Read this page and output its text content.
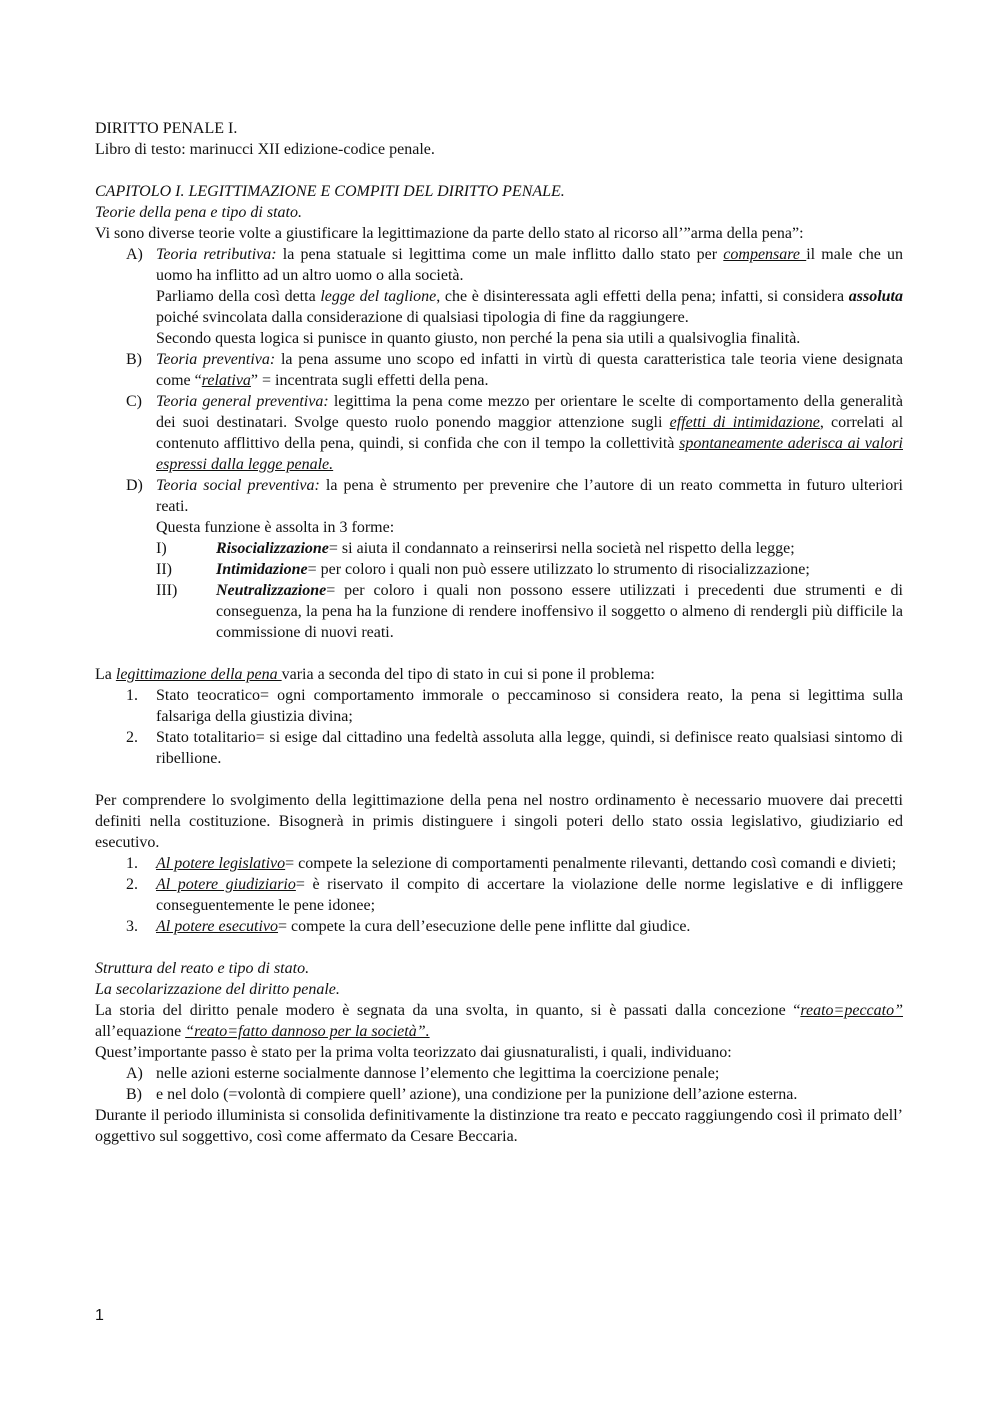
DIRITTO PENALE I.

Libro di testo: marinucci XII edizione-codice penale.

CAPITOLO I. LEGITTIMAZIONE E COMPITI DEL DIRITTO PENALE.

Teorie della pena e tipo di stato.

Vi sono diverse teorie volte a giustificare la legittimazione da parte dello stato al ricorso all’”arma della pena”:

A) Teoria retributiva: la pena statuale si legittima come un male inflitto dallo stato per compensare il male che un uomo ha inflitto ad un altro uomo o alla società.
Parliamo della così detta legge del taglione, che è disinteressata agli effetti della pena; infatti, si considera assoluta poiché svincolata dalla considerazione di qualsiasi tipologia di fine da raggiungere.
Secondo questa logica si punisce in quanto giusto, non perché la pena sia utili a qualsivoglia finalità.
B) Teoria preventiva: la pena assume uno scopo ed infatti in virtù di questa caratteristica tale teoria viene designata come “relativa” = incentrata sugli effetti della pena.
C) Teoria general preventiva: legittima la pena come mezzo per orientare le scelte di comportamento della generalità dei suoi destinatari. Svolge questo ruolo ponendo maggior attenzione sugli effetti di intimidazione, correlati al contenuto afflittivo della pena, quindi, si confida che con il tempo la collettività spontaneamente aderisca ai valori espressi dalla legge penale.
D) Teoria social preventiva: la pena è strumento per prevenire che l’autore di un reato commetta in futuro ulteriori reati.
Questa funzione è assolta in 3 forme:
I)	Risocializzazione= si aiuta il condannato a reinserirsi nella società nel rispetto della legge;
II)	Intimidazione= per coloro i quali non può essere utilizzato lo strumento di risocializzazione;
III) Neutralizzazione= per coloro i quali non possono essere utilizzati i precedenti due strumenti e di conseguenza, la pena ha la funzione di rendere inoffensivo il soggetto o almeno di rendergli più difficile la commissione di nuovi reati.

La legittimazione della pena varia a seconda del tipo di stato in cui si pone il problema:

1. Stato teocratico= ogni comportamento immorale o peccaminoso si considera reato, la pena si legittima sulla falsariga della giustizia divina;
2. Stato totalitario= si esige dal cittadino una fedeltà assoluta alla legge, quindi, si definisce reato qualsiasi sintomo di ribellione.

Per comprendere lo svolgimento della legittimazione della pena nel nostro ordinamento è necessario muovere dai precetti definiti nella costituzione. Bisognerà in primis distinguere i singoli poteri dello stato ossia legislativo, giudiziario ed esecutivo.

1. Al potere legislativo= compete la selezione di comportamenti penalmente rilevanti, dettando così comandi e divieti;
2. Al potere giudiziario= è riservato il compito di accertare la violazione delle norme legislative e di infliggere conseguentemente le pene idonee;
3. Al potere esecutivo= compete la cura dell’esecuzione delle pene inflitte dal giudice.

Struttura del reato e tipo di stato.

La secolarizzazione del diritto penale.

La storia del diritto penale modero è segnata da una svolta, in quanto, si è passati dalla concezione “reato=peccato” all’equazione “reato=fatto dannoso per la società”.

Quest’importante passo è stato per la prima volta teorizzato dai giusnaturalisti, i quali, individuano:

A) nelle azioni esterne socialmente dannose l’elemento che legittima la coercizione penale;
B) e nel dolo (=volontà di compiere quell’ azione), una condizione per la punizione dell’azione esterna.

Durante il periodo illuminista si consolida definitivamente la distinzione tra reato e peccato raggiungendo così il primato dell’ oggettivo sul soggettivo, così come affermato da Cesare Beccaria.

1
